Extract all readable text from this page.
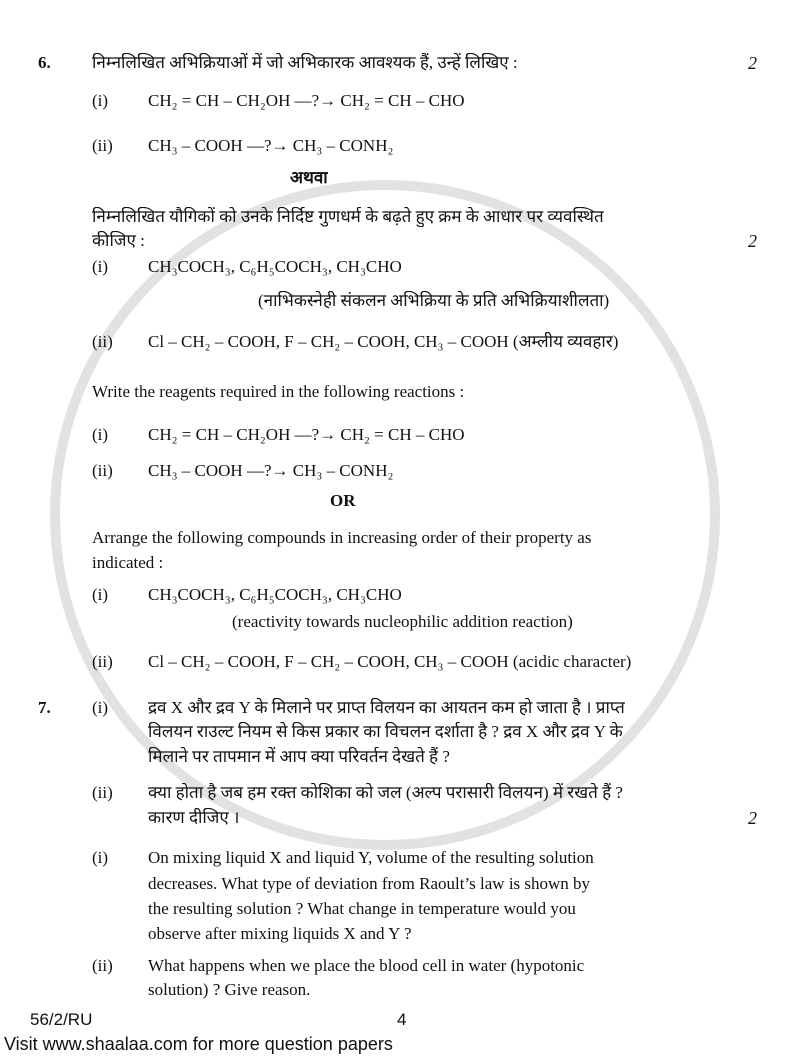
6. निम्नलिखित अभिक्रियाओं में जो अभिकारक आवश्यक हैं, उन्हें लिखिए :	2
(i) CH₂ = CH – CH₂OH ―?→ CH₂ = CH – CHO
(ii) CH₃ – COOH ―?→ CH₃ – CONH₂
अथवा
निम्नलिखित यौगिकों को उनके निर्दिष्ट गुणधर्म के बढ़ते हुए क्रम के आधार पर व्यवस्थित
कीजिए :	2
(i) CH₃COCH₃, C₆H₅COCH₃, CH₃CHO
(नाभिकस्नेही संकलन अभिक्रिया के प्रति अभिक्रियाशीलता)
(ii) Cl – CH₂ – COOH, F – CH₂ – COOH, CH₃ – COOH (अम्लीय व्यवहार)
Write the reagents required in the following reactions :
(i) CH₂ = CH – CH₂OH ―?→ CH₂ = CH – CHO
(ii) CH₃ – COOH ―?→ CH₃ – CONH₂
OR
Arrange the following compounds in increasing order of their property as
indicated :
(i) CH₃COCH₃, C₆H₅COCH₃, CH₃CHO
(reactivity towards nucleophilic addition reaction)
(ii) Cl – CH₂ – COOH, F – CH₂ – COOH, CH₃ – COOH (acidic character)
7. (i) द्रव X और द्रव Y के मिलाने पर प्राप्त विलयन का आयतन कम हो जाता है । प्राप्त
विलयन राउल्ट नियम से किस प्रकार का विचलन दर्शाता है ? द्रव X और द्रव Y के
मिलाने पर तापमान में आप क्या परिवर्तन देखते हैं ?
(ii) क्या होता है जब हम रक्त कोशिका को जल (अल्प परासारी विलयन) में रखते हैं ?
कारण दीजिए ।	2
(i) On mixing liquid X and liquid Y, volume of the resulting solution
decreases. What type of deviation from Raoult’s law is shown by
the resulting solution ? What change in temperature would you
observe after mixing liquids X and Y ?
(ii) What happens when we place the blood cell in water (hypotonic
solution) ? Give reason.
56/2/RU	4
Visit www.shaalaa.com for more question papers
